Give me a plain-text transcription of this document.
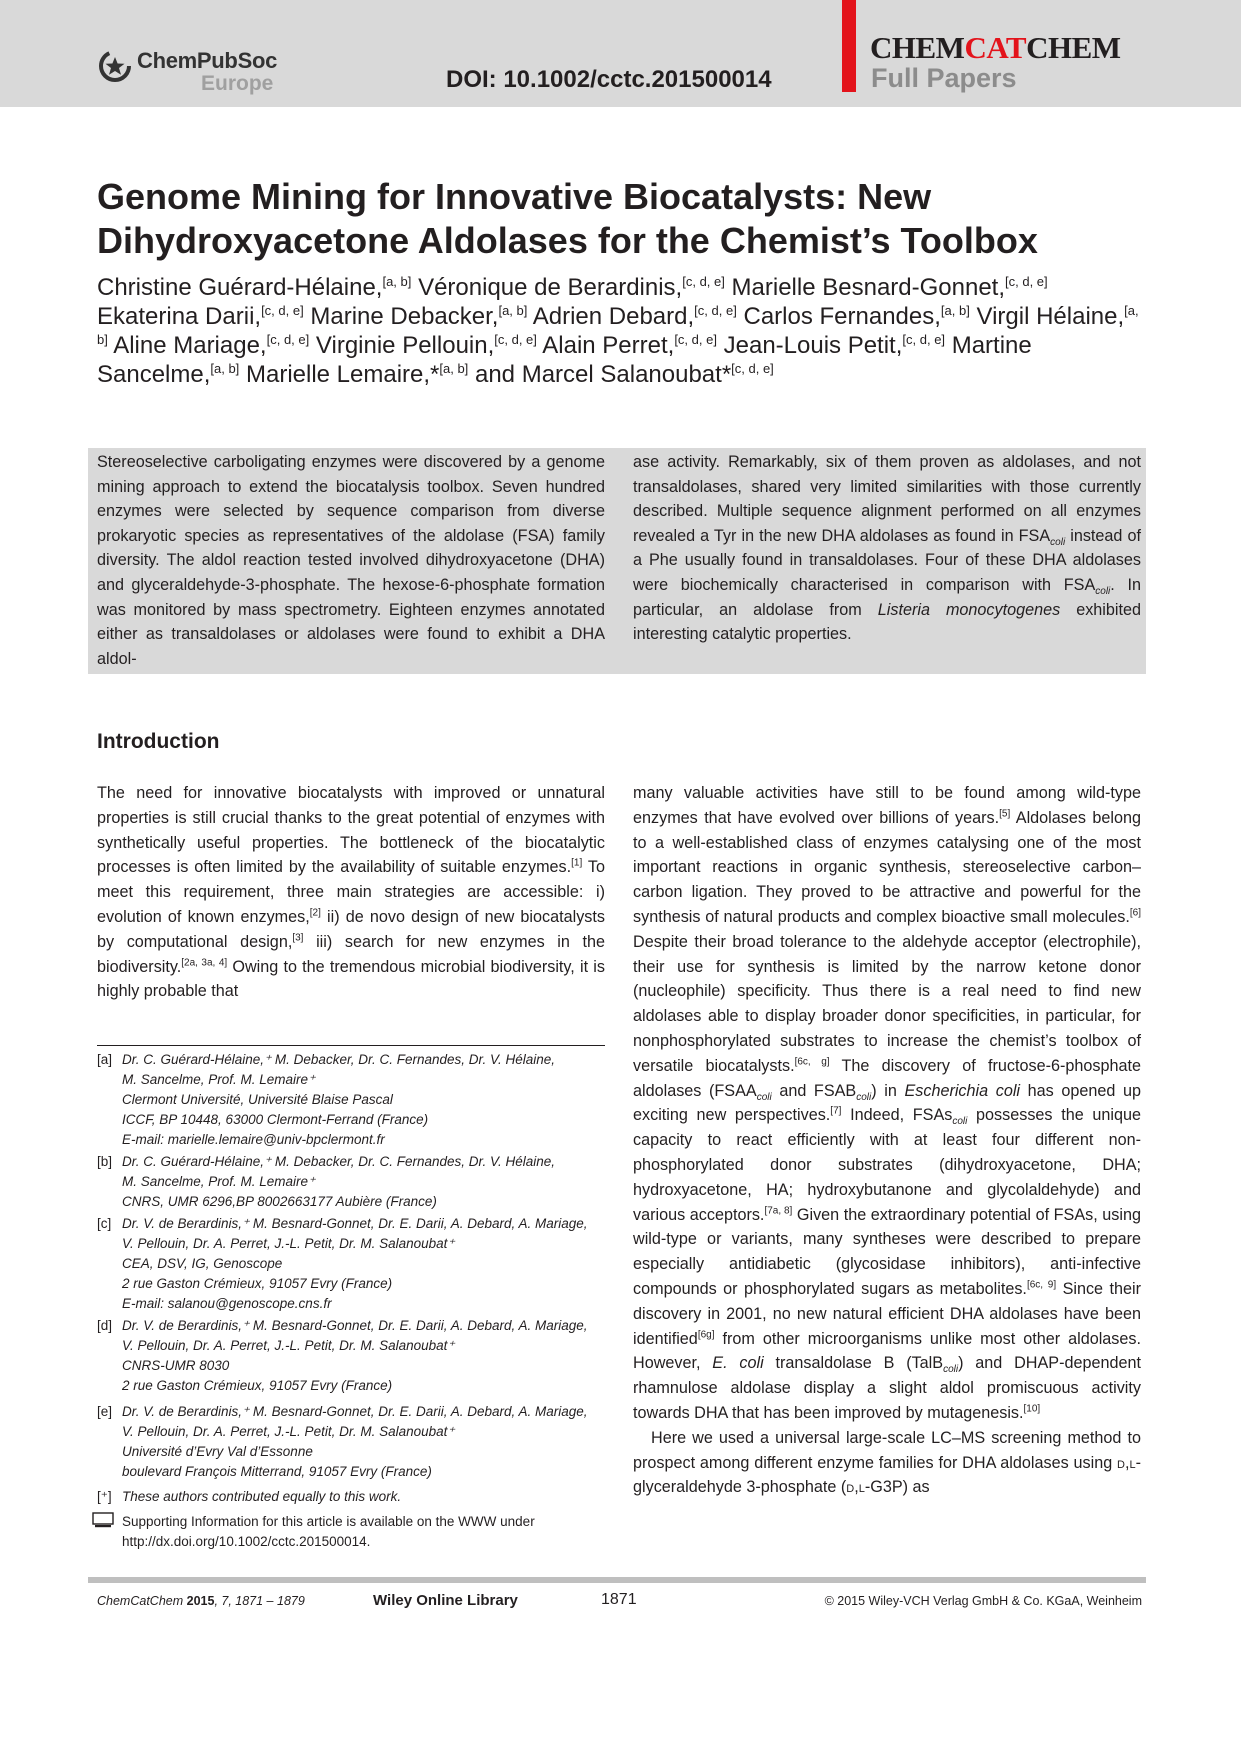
ChemPubSoc
Europe	DOI: 10.1002/cctc.201500014
CHEMCATCHEM
Full Papers
Genome Mining for Innovative Biocatalysts: New
Dihydroxyacetone Aldolases for the Chemist’s Toolbox
Christine Guérard-Hélaine,[a, b] Véronique de Berardinis,[c, d, e] Marielle Besnard-Gonnet,[c, d, e] Ekaterina Darii,[c, d, e] Marine Debacker,[a, b] Adrien Debard,[c, d, e] Carlos Fernandes,[a, b] Virgil Hélaine,[a, b] Aline Mariage,[c, d, e] Virginie Pellouin,[c, d, e] Alain Perret,[c, d, e] Jean-Louis Petit,[c, d, e] Martine Sancelme,[a, b] Marielle Lemaire,*[a, b] and Marcel Salanoubat*[c, d, e]
Stereoselective carboligating enzymes were discovered by a genome mining approach to extend the biocatalysis toolbox. Seven hundred enzymes were selected by sequence comparison from diverse prokaryotic species as representatives of the aldolase (FSA) family diversity. The aldol reaction tested involved dihydroxyacetone (DHA) and glyceraldehyde-3-phosphate. The hexose-6-phosphate formation was monitored by mass spectrometry. Eighteen enzymes annotated either as transaldolases or aldolases were found to exhibit a DHA aldol-
ase activity. Remarkably, six of them proven as aldolases, and not transaldolases, shared very limited similarities with those currently described. Multiple sequence alignment performed on all enzymes revealed a Tyr in the new DHA aldolases as found in $FSA_{coli}$ instead of a Phe usually found in transaldolases. Four of these DHA aldolases were biochemically characterised in comparison with $FSA_{coli}$. In particular, an aldolase from Listeria monocytogenes exhibited interesting catalytic properties.
Introduction
The need for innovative biocatalysts with improved or unnatural properties is still crucial thanks to the great potential of enzymes with synthetically useful properties. The bottleneck of the biocatalytic processes is often limited by the availability of suitable enzymes.[1] To meet this requirement, three main strategies are accessible: i) evolution of known enzymes,[2] ii) de novo design of new biocatalysts by computational design,[3] iii) search for new enzymes in the biodiversity.[2a, 3a, 4] Owing to the tremendous microbial biodiversity, it is highly probable that
many valuable activities have still to be found among wild-type enzymes that have evolved over billions of years.[5] Aldolases belong to a well-established class of enzymes catalysing one of the most important reactions in organic synthesis, stereoselective carbon–carbon ligation. They proved to be attractive and powerful for the synthesis of natural products and complex bioactive small molecules.[6] Despite their broad tolerance to the aldehyde acceptor (electrophile), their use for synthesis is limited by the narrow ketone donor (nucleophile) specificity. Thus there is a real need to find new aldolases able to display broader donor specificities, in particular, for nonphosphorylated substrates to increase the chemist’s toolbox of versatile biocatalysts.[6c, g] The discovery of fructose-6-phosphate aldolases ($FSAA_{coli}$ and $FSAB_{coli}$) in Escherichia coli has opened up exciting new perspectives.[7] Indeed, FSAs$_{coli}$ possesses the unique capacity to react efficiently with at least four different non-phosphorylated donor substrates (dihydroxyacetone, DHA; hydroxyacetone, HA; hydroxybutanone and glycolaldehyde) and various acceptors.[7a, 8] Given the extraordinary potential of FSAs, using wild-type or variants, many syntheses were described to prepare especially antidiabetic (glycosidase inhibitors), anti-infective compounds or phosphorylated sugars as metabolites.[6c, 9] Since their discovery in 2001, no new natural efficient DHA aldolases have been identified[6g] from other microorganisms unlike most other aldolases. However, E. coli transaldolase B (TalB$_{coli}$) and DHAP-dependent rhamnulose aldolase display a slight aldol promiscuous activity towards DHA that has been improved by mutagenesis.[10]
Here we used a universal large-scale LC–MS screening method to prospect among different enzyme families for DHA aldolases using d,l-glyceraldehyde 3-phosphate (d,l-G3P) as
[a] Dr. C. Guérard-Hélaine,⁺ M. Debacker, Dr. C. Fernandes, Dr. V. Hélaine,
M. Sancelme, Prof. M. Lemaire⁺
Clermont Université, Université Blaise Pascal
ICCF, BP 10448, 63000 Clermont-Ferrand (France)
E-mail: marielle.lemaire@univ-bpclermont.fr
[b] Dr. C. Guérard-Hélaine,⁺ M. Debacker, Dr. C. Fernandes, Dr. V. Hélaine,
M. Sancelme, Prof. M. Lemaire⁺
CNRS, UMR 6296,BP 8002663177 Aubière (France)
[c] Dr. V. de Berardinis,⁺ M. Besnard-Gonnet, Dr. E. Darii, A. Debard, A. Mariage,
V. Pellouin, Dr. A. Perret, J.-L. Petit, Dr. M. Salanoubat⁺
CEA, DSV, IG, Genoscope
2 rue Gaston Crémieux, 91057 Evry (France)
E-mail: salanou@genoscope.cns.fr
[d] Dr. V. de Berardinis,⁺ M. Besnard-Gonnet, Dr. E. Darii, A. Debard, A. Mariage,
V. Pellouin, Dr. A. Perret, J.-L. Petit, Dr. M. Salanoubat⁺
CNRS-UMR 8030
2 rue Gaston Crémieux, 91057 Evry (France)
[e] Dr. V. de Berardinis,⁺ M. Besnard-Gonnet, Dr. E. Darii, A. Debard, A. Mariage,
V. Pellouin, Dr. A. Perret, J.-L. Petit, Dr. M. Salanoubat⁺
Université d’Evry Val d’Essonne
boulevard François Mitterrand, 91057 Evry (France)
[⁺] These authors contributed equally to this work.
Supporting Information for this article is available on the WWW under
http://dx.doi.org/10.1002/cctc.201500014.
ChemCatChem 2015, 7, 1871 – 1879	Wiley Online Library	1871	© 2015 Wiley-VCH Verlag GmbH & Co. KGaA, Weinheim
